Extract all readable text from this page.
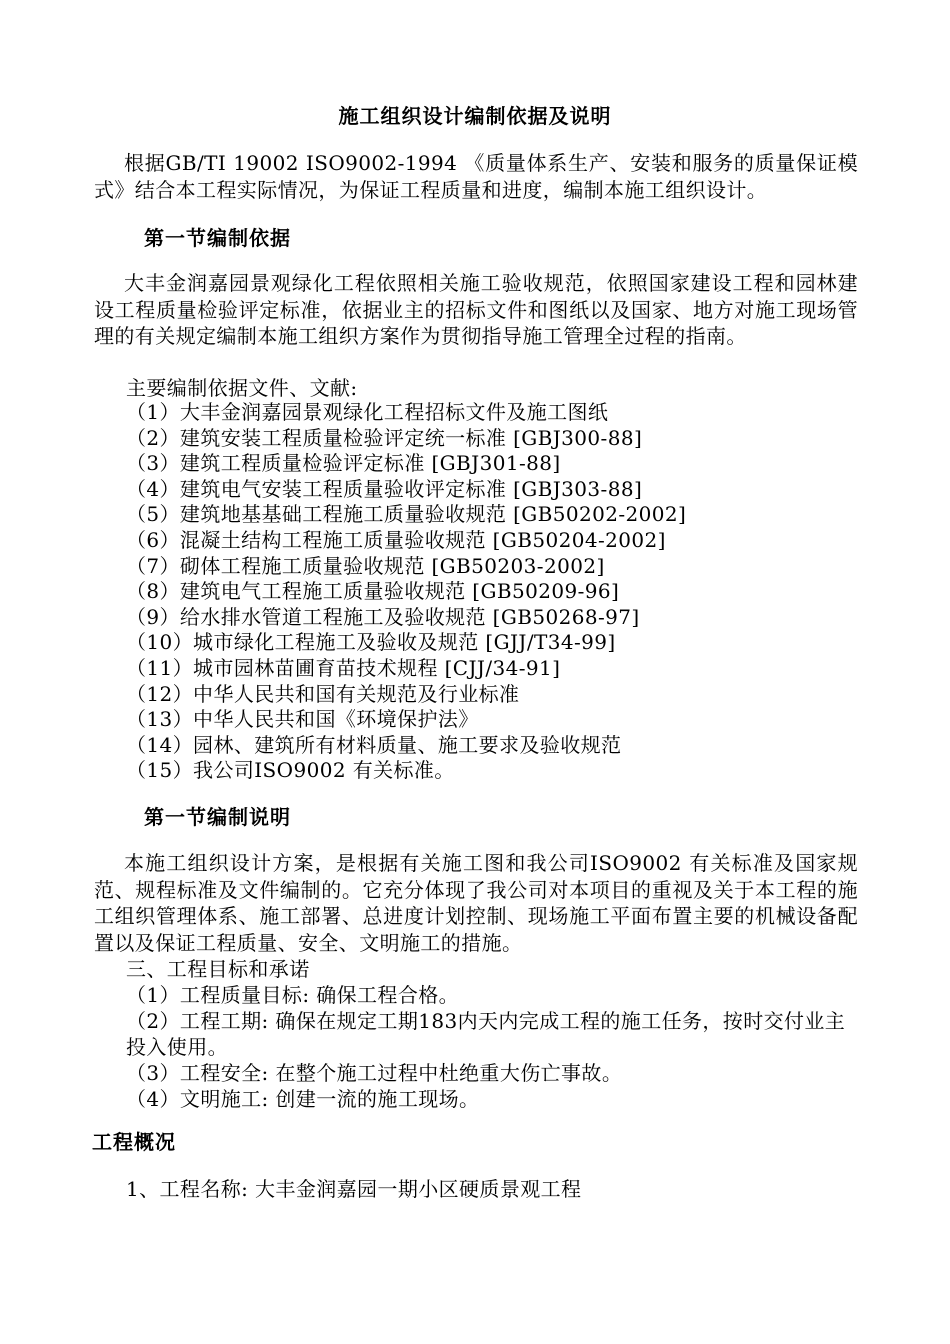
施工组织设计编制依据及说明
根据GB/TI 19002 ISO9002-1994 《质量体系生产、安装和服务的质量保证模式》结合本工程实际情况，为保证工程质量和进度，编制本施工组织设计。
第一节编制依据
大丰金润嘉园景观绿化工程依照相关施工验收规范，依照国家建设工程和园林建设工程质量检验评定标准，依据业主的招标文件和图纸以及国家、地方对施工现场管理的有关规定编制本施工组织方案作为贯彻指导施工管理全过程的指南。
主要编制依据文件、文献:
（1）大丰金润嘉园景观绿化工程招标文件及施工图纸
（2）建筑安装工程质量检验评定统一标准 [GBJ300-88]
（3）建筑工程质量检验评定标准 [GBJ301-88]
（4）建筑电气安装工程质量验收评定标准 [GBJ303-88]
（5）建筑地基基础工程施工质量验收规范 [GB50202-2002]
（6）混凝土结构工程施工质量验收规范 [GB50204-2002]
（7）砌体工程施工质量验收规范 [GB50203-2002]
（8）建筑电气工程施工质量验收规范 [GB50209-96]
（9）给水排水管道工程施工及验收规范 [GB50268-97]
（10）城市绿化工程施工及验收及规范 [GJJ/T34-99]
（11）城市园林苗圃育苗技术规程 [CJJ/34-91]
（12）中华人民共和国有关规范及行业标准
（13）中华人民共和国《环境保护法》
（14）园林、建筑所有材料质量、施工要求及验收规范
（15）我公司ISO9002 有关标准。
第一节编制说明
本施工组织设计方案，是根据有关施工图和我公司ISO9002 有关标准及国家规范、规程标准及文件编制的。它充分体现了我公司对本项目的重视及关于本工程的施工组织管理体系、施工部署、总进度计划控制、现场施工平面布置主要的机械设备配置以及保证工程质量、安全、文明施工的措施。
三、工程目标和承诺
（1）工程质量目标: 确保工程合格。
（2）工程工期: 确保在规定工期183内天内完成工程的施工任务，按时交付业主投入使用。
（3）工程安全: 在整个施工过程中杜绝重大伤亡事故。
（4）文明施工: 创建一流的施工现场。
工程概况
1、工程名称: 大丰金润嘉园一期小区硬质景观工程
